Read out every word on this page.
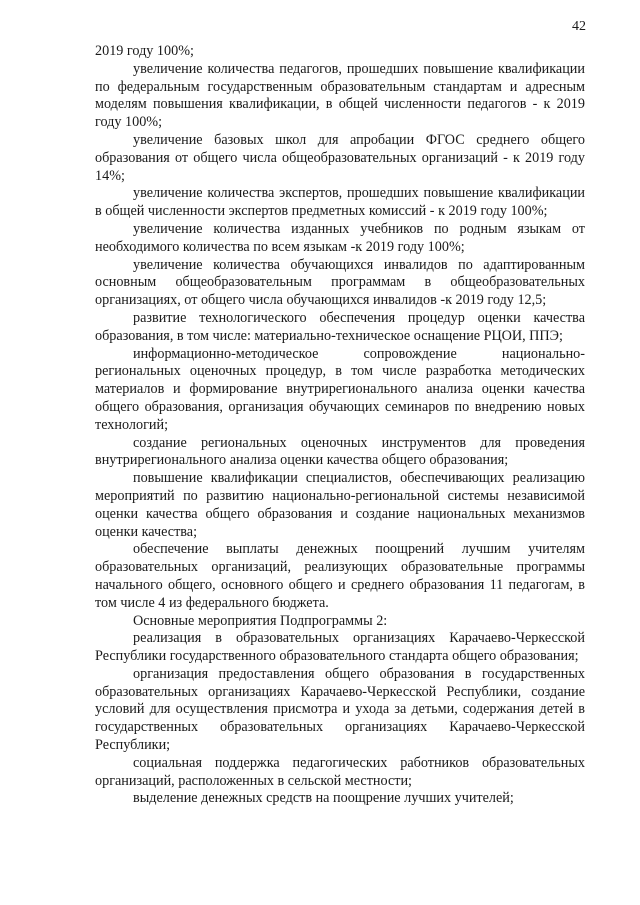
42

2019 году 100%;

увеличение количества педагогов, прошедших повышение квалификации по федеральным государственным образовательным стандартам и адресным моделям повышения квалификации, в общей численности педагогов - к 2019 году 100%;

увеличение базовых школ для апробации ФГОС среднего общего образования от общего числа общеобразовательных организаций - к 2019 году 14%;

увеличение количества экспертов, прошедших повышение квалификации в общей численности экспертов предметных комиссий - к 2019 году 100%;

увеличение количества изданных учебников по родным языкам от необходимого количества по всем языкам -к 2019 году 100%;

увеличение количества обучающихся инвалидов по адаптированным основным общеобразовательным программам в общеобразовательных организациях, от общего числа обучающихся инвалидов -к 2019 году 12,5;

развитие технологического обеспечения процедур оценки качества образования, в том числе: материально-техническое оснащение РЦОИ, ППЭ;

информационно-методическое сопровождение национально-региональных оценочных процедур, в том числе разработка методических материалов и формирование внутрирегионального анализа оценки качества общего образования, организация обучающих семинаров по внедрению новых технологий;

создание региональных оценочных инструментов для проведения внутрирегионального анализа оценки качества общего образования;

повышение квалификации специалистов, обеспечивающих реализацию мероприятий по развитию национально-региональной системы независимой оценки качества общего образования и создание национальных механизмов оценки качества;

обеспечение выплаты денежных поощрений лучшим учителям образовательных организаций, реализующих образовательные программы начального общего, основного общего и среднего образования 11 педагогам, в том числе 4 из федерального бюджета.

Основные мероприятия Подпрограммы 2:

реализация в образовательных организациях Карачаево-Черкесской Республики государственного образовательного стандарта общего образования;

организация предоставления общего образования в государственных образовательных организациях Карачаево-Черкесской Республики, создание условий для осуществления присмотра и ухода за детьми, содержания детей в государственных образовательных организациях Карачаево-Черкесской Республики;

социальная поддержка педагогических работников образовательных организаций, расположенных в сельской местности;

выделение денежных средств на поощрение лучших учителей;
